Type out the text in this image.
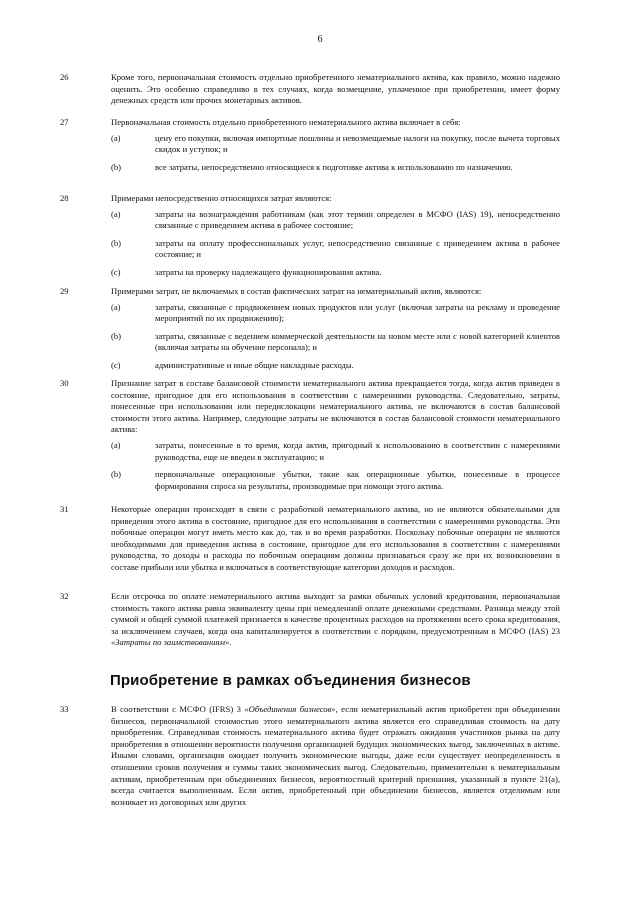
6
26	Кроме того, первоначальная стоимость отдельно приобретенного нематериального актива, как правило, можно надежно оценить. Это особенно справедливо в тех случаях, когда возмещение, уплаченное при приобретении, имеет форму денежных средств или прочих монетарных активов.

27	Первоначальная стоимость отдельно приобретенного нематериального актива включает в себя:

(a)	цену его покупки, включая импортные пошлины и невозмещаемые налоги на покупку, после вычета торговых скидок и уступок; и
(b)	все затраты, непосредственно относящиеся к подготовке актива к использованию по назначению.
28	Примерами непосредственно относящихся затрат являются:

(a)	затраты на вознаграждения работникам (как этот термин определен в МСФО (IAS) 19), непосредственно связанные с приведением актива в рабочее состояние;
(b)	затраты на оплату профессиональных услуг, непосредственно связанные с приведением актива в рабочее состояние; и
(c)	затраты на проверку надлежащего функционирования актива.
29	Примерами затрат, не включаемых в состав фактических затрат на нематериальный актив, являются:

(a)	затраты, связанные с продвижением новых продуктов или услуг (включая затраты на рекламу и проведение мероприятий по их продвижению);
(b)	затраты, связанные с ведением коммерческой деятельности на новом месте или с новой категорией клиентов (включая затраты на обучение персонала); и
(c)	административные и иные общие накладные расходы.
30	Признание затрат в составе балансовой стоимости нематериального актива прекращается тогда, когда актив приведен в состояние, пригодное для его использования в соответствии с намерениями руководства. Следовательно, затраты, понесенные при использовании или передислокации нематериального актива, не включаются в состав балансовой стоимости этого актива. Например, следующие затраты не включаются в состав балансовой стоимости нематериального актива:

(a)	затраты, понесенные в то время, когда актив, пригодный к использованию в соответствии с намерениями руководства, еще не введен в эксплуатацию; и
(b)	первоначальные операционные убытки, такие как операционные убытки, понесенные в процессе формирования спроса на результаты, производимые при помощи этого актива.
31	Некоторые операции происходят в связи с разработкой нематериального актива, но не являются обязательными для приведения этого актива в состояние, пригодное для его использования в соответствии с намерениями руководства. Эти побочные операции могут иметь место как до, так и во время разработки. Поскольку побочные операции не являются необходимыми для приведения актива в состояние, пригодное для его использования в соответствии с намерениями руководства, то доходы и расходы по побочным операциям должны признаваться сразу же при их возникновении в составе прибыли или убытка и включаться в соответствующие категории доходов и расходов.

32	Если отсрочка по оплате нематериального актива выходит за рамки обычных условий кредитования, первоначальная стоимость такого актива равна эквиваленту цены при немедленной оплате денежными средствами. Разница между этой суммой и общей суммой платежей признается в качестве процентных расходов на протяжении всего срока кредитования, за исключением случаев, когда она капитализируется в соответствии с порядком, предусмотренным в МСФО (IAS) 23 «Затраты по заимствованиям».

Приобретение в рамках объединения бизнесов
33	В соответствии с МСФО (IFRS) 3 «Объединения бизнесов», если нематериальный актив приобретен при объединении бизнесов, первоначальной стоимостью этого нематериального актива является его справедливая стоимость на дату приобретения. Справедливая стоимость нематериального актива будет отражать ожидания участников рынка на дату приобретения в отношении вероятности получения организацией будущих экономических выгод, заключенных в активе. Иными словами, организация ожидает получить экономические выгоды, даже если существует неопределенность в отношении сроков получения и суммы таких экономических выгод. Следовательно, применительно к нематериальным активам, приобретенным при объединениях бизнесов, вероятностный критерий признания, указанный в пункте 21(a), всегда считается выполненным. Если актив, приобретенный при объединении бизнесов, является отделимым или возникает из договорных или других
